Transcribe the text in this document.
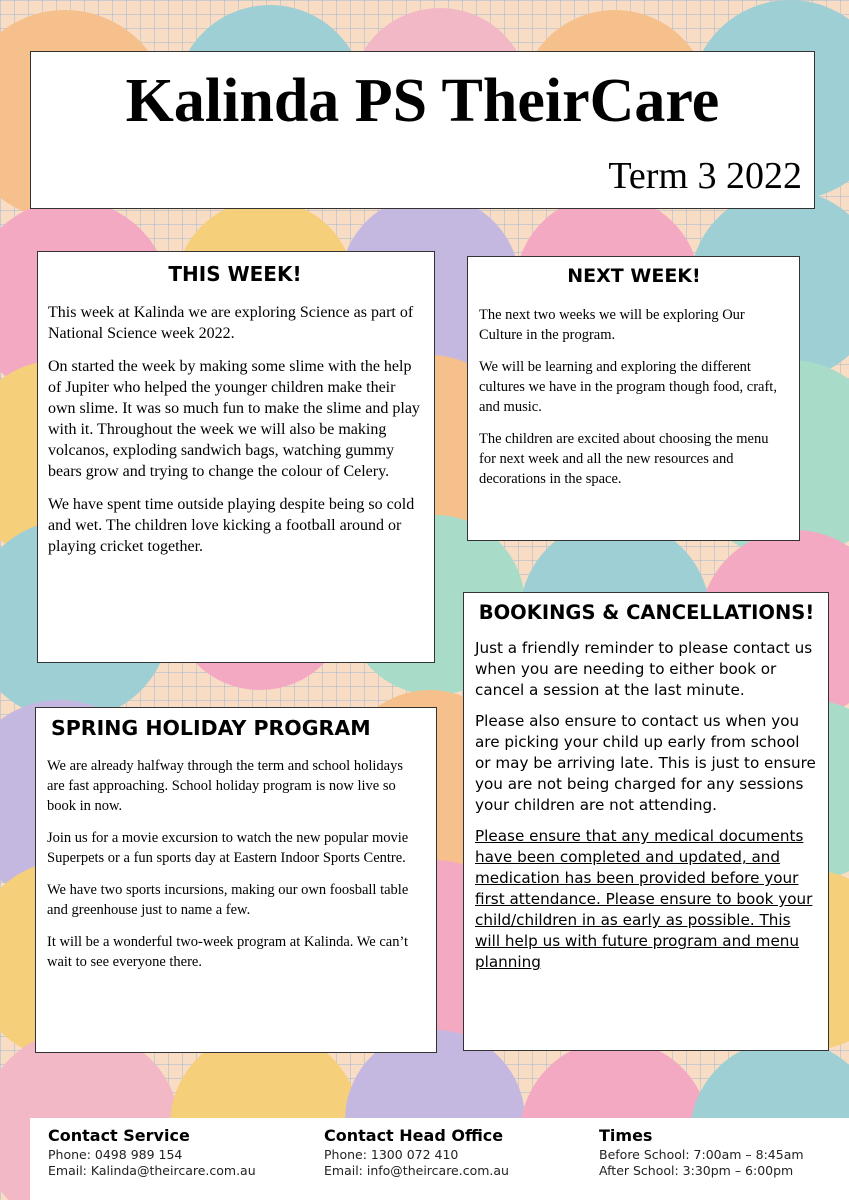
Kalinda PS TheirCare
Term 3 2022
THIS WEEK!

This week at Kalinda we are exploring Science as part of National Science week 2022.

On started the week by making some slime with the help of Jupiter who helped the younger children make their own slime. It was so much fun to make the slime and play with it. Throughout the week we will also be making volcanos, exploding sandwich bags, watching gummy bears grow and trying to change the colour of Celery.

We have spent time outside playing despite being so cold and wet. The children love kicking a football around or playing cricket together.

NEXT WEEK!

The next two weeks we will be exploring Our Culture in the program.

We will be learning and exploring the different cultures we have in the program though food, craft, and music.

The children are excited about choosing the menu for next week and all the new resources and decorations in the space.

BOOKINGS & CANCELLATIONS!

Just a friendly reminder to please contact us when you are needing to either book or cancel a session at the last minute.

Please also ensure to contact us when you are picking your child up early from school or may be arriving late. This is just to ensure you are not being charged for any sessions your children are not attending.

Please ensure that any medical documents have been completed and updated, and medication has been provided before your first attendance. Please ensure to book your child/children in as early as possible. This will help us with future program and menu planning

SPRING HOLIDAY PROGRAM

We are already halfway through the term and school holidays are fast approaching. School holiday program is now live so book in now.

Join us for a movie excursion to watch the new popular movie Superpets or a fun sports day at Eastern Indoor Sports Centre.

We have two sports incursions, making our own foosball table and greenhouse just to name a few.

It will be a wonderful two-week program at Kalinda. We can’t wait to see everyone there.

Contact Service
Phone: 0498 989 154
Email: Kalinda@theircare.com.au
Contact Head Office
Phone: 1300 072 410
Email: info@theircare.com.au
Times
Before School: 7:00am – 8:45am
After School: 3:30pm – 6:00pm
